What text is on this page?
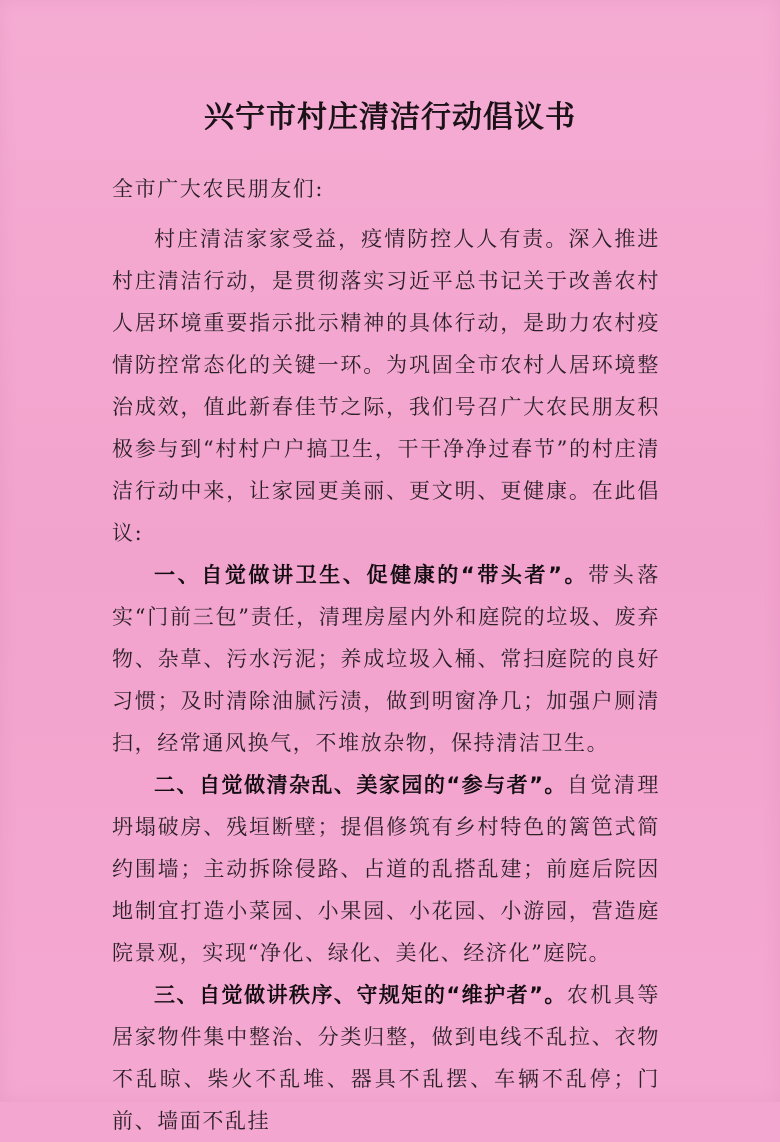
兴宁市村庄清洁行动倡议书

全市广大农民朋友们:

村庄清洁家家受益，疫情防控人人有责。深入推进村庄清洁行动，是贯彻落实习近平总书记关于改善农村人居环境重要指示批示精神的具体行动，是助力农村疫情防控常态化的关键一环。为巩固全市农村人居环境整治成效，值此新春佳节之际，我们号召广大农民朋友积极参与到“村村户户搞卫生，干干净净过春节”的村庄清洁行动中来，让家园更美丽、更文明、更健康。在此倡议:

一、自觉做讲卫生、促健康的“带头者”。带头落实“门前三包”责任，清理房屋内外和庭院的垃圾、废弃物、杂草、污水污泥；养成垃圾入桶、常扫庭院的良好习惯；及时清除油腻污渍，做到明窗净几；加强户厕清扫，经常通风换气，不堆放杂物，保持清洁卫生。

二、自觉做清杂乱、美家园的“参与者”。自觉清理坍塌破房、残垣断壁；提倡修筑有乡村特色的篱笆式简约围墙；主动拆除侵路、占道的乱搭乱建；前庭后院因地制宜打造小菜园、小果园、小花园、小游园，营造庭院景观，实现“净化、绿化、美化、经济化”庭院。

三、自觉做讲秩序、守规矩的“维护者”。农机具等居家物件集中整治、分类归整，做到电线不乱拉、衣物不乱晾、柴火不乱堆、器具不乱摆、车辆不乱停；门前、墙面不乱挂
